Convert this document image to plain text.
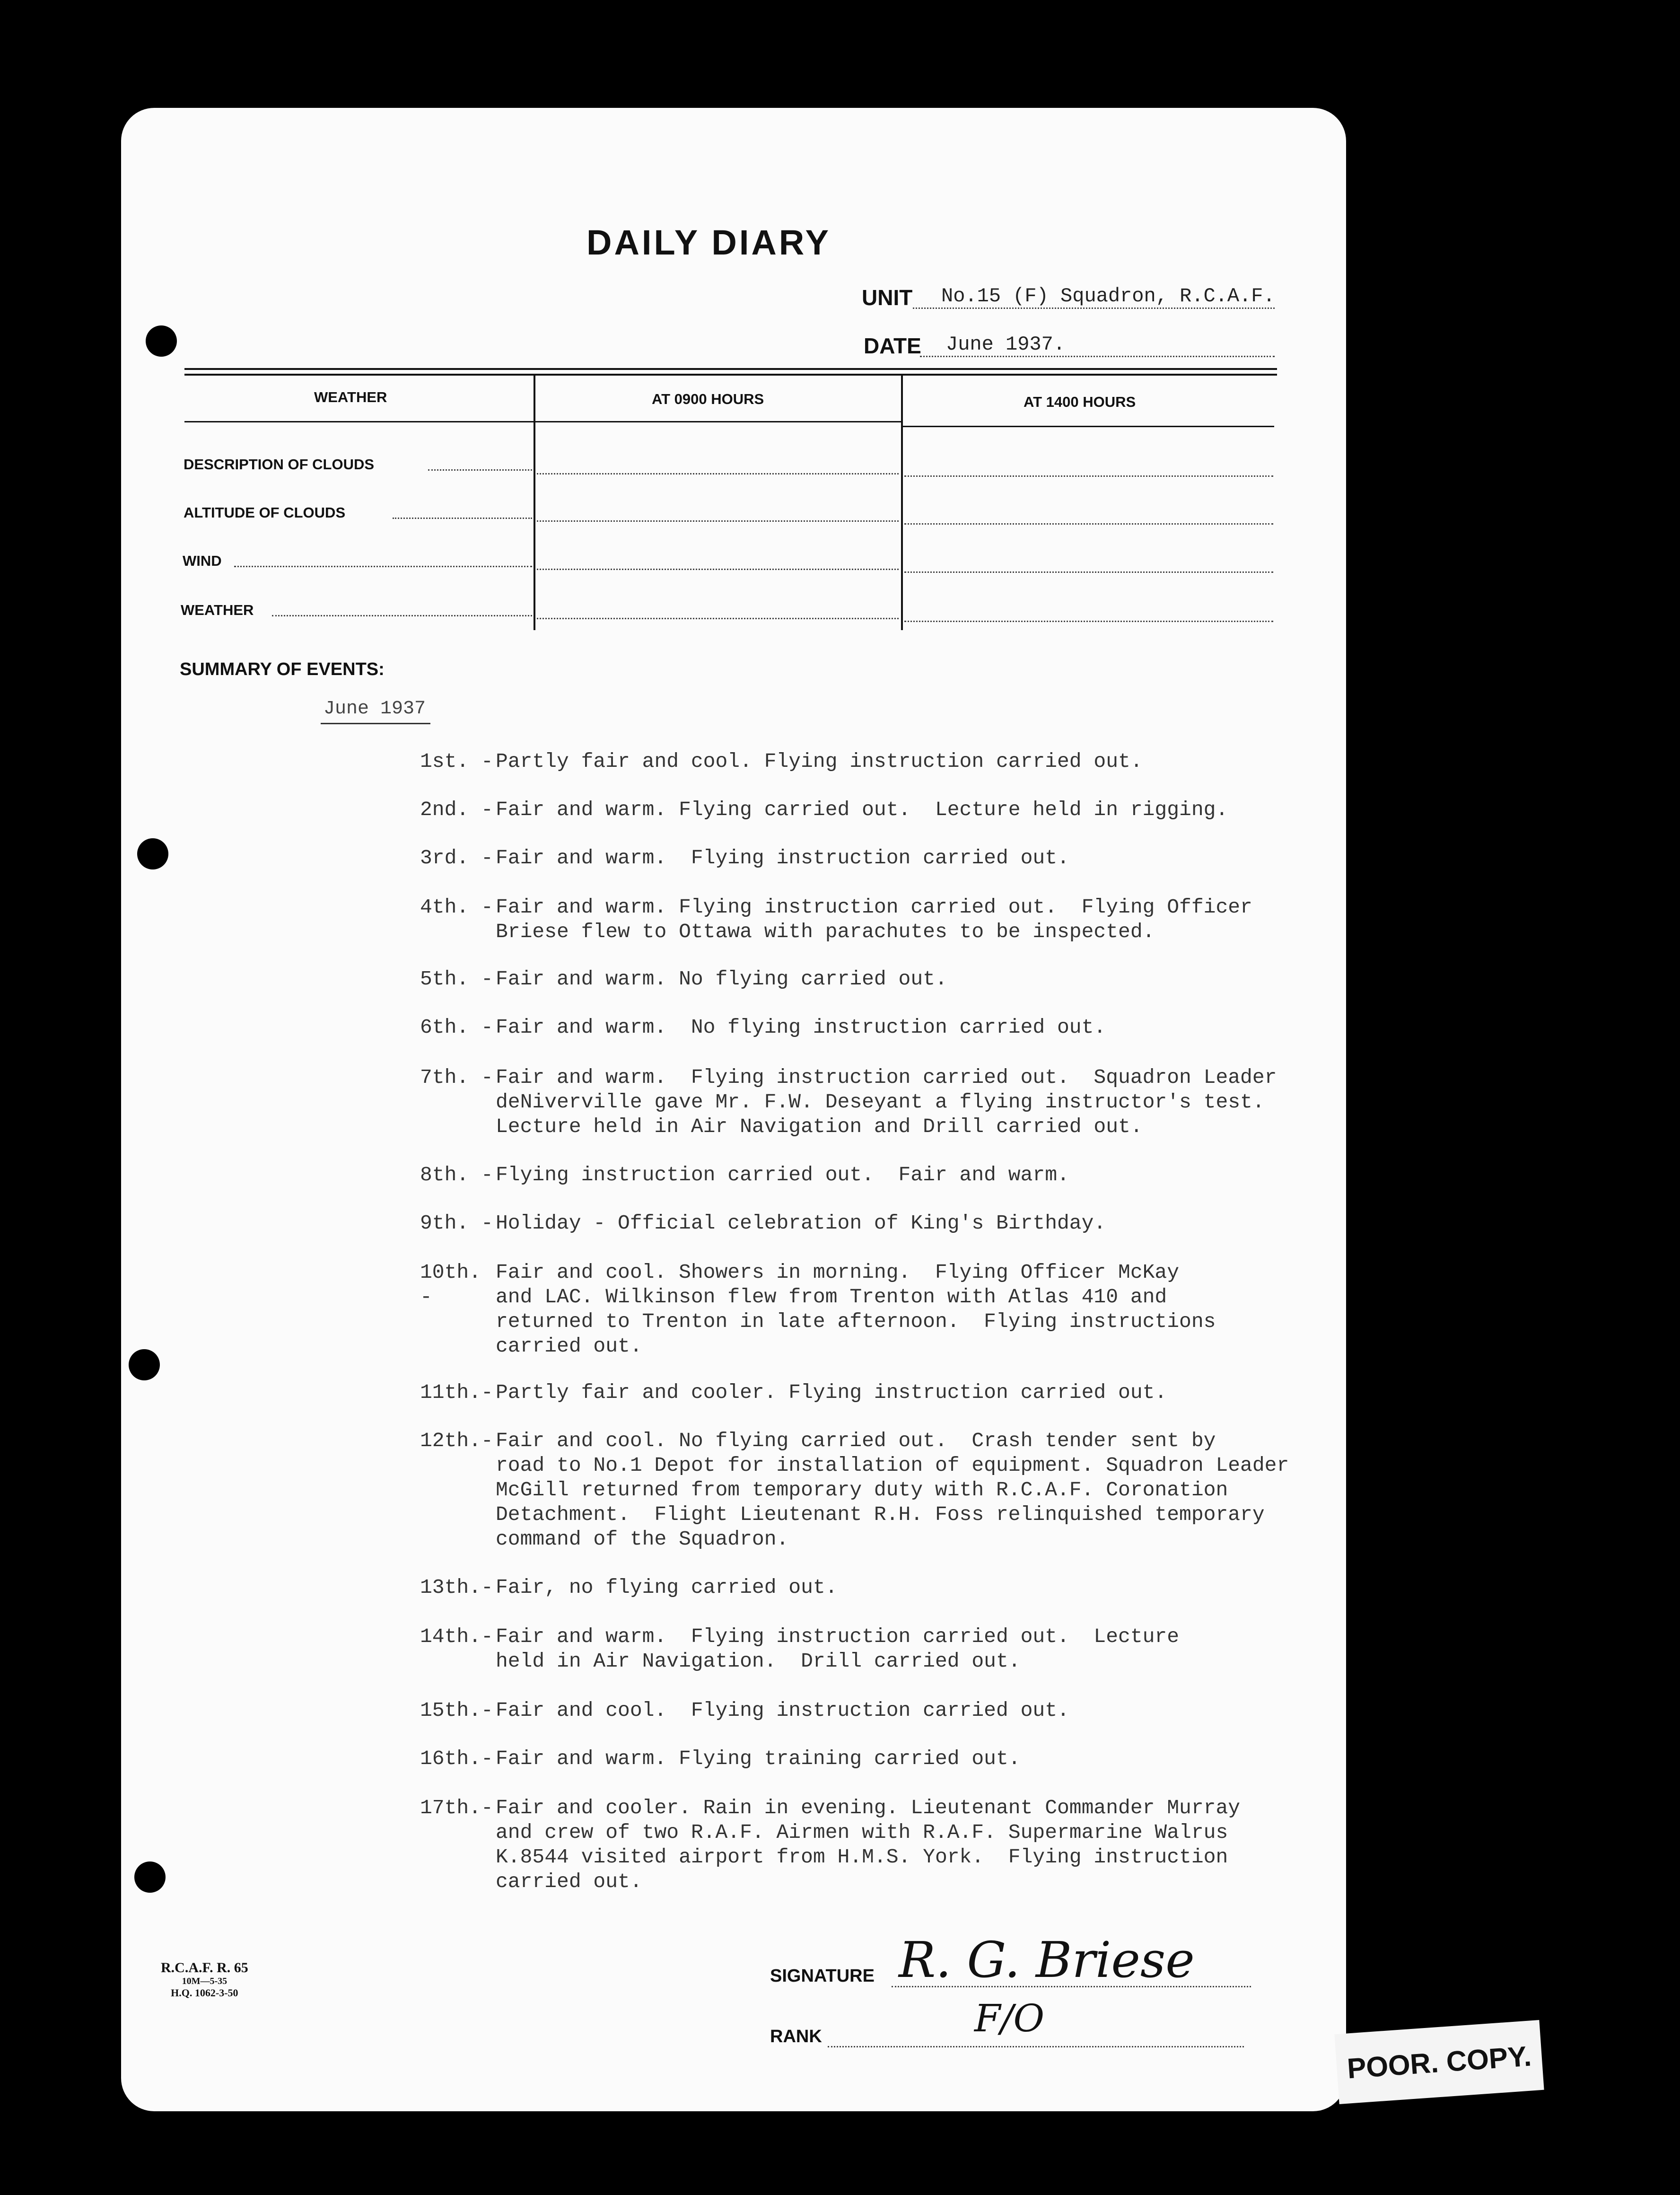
DAILY DIARY
UNIT No.15 (F) Squadron, R.C.A.F.
DATE June 1937.
WEATHER	AT 0900 HOURS	AT 1400 HOURS
DESCRIPTION OF CLOUDS
ALTITUDE OF CLOUDS
WIND
WEATHER
SUMMARY OF EVENTS:
June 1937
1st. - Partly fair and cool. Flying instruction carried out.
2nd. - Fair and warm. Flying carried out.  Lecture held in rigging.
3rd. - Fair and warm.  Flying instruction carried out.
4th. - Fair and warm. Flying instruction carried out.  Flying Officer
Briese flew to Ottawa with parachutes to be inspected.
5th. - Fair and warm. No flying carried out.
6th. - Fair and warm.  No flying instruction carried out.
7th. - Fair and warm.  Flying instruction carried out.  Squadron Leader
deNiverville gave Mr. F.W. Deseyant a flying instructor's test.
Lecture held in Air Navigation and Drill carried out.
8th. - Flying instruction carried out.  Fair and warm.
9th. - Holiday - Official celebration of King's Birthday.
10th. -Fair and cool. Showers in morning.  Flying Officer McKay
and LAC. Wilkinson flew from Trenton with Atlas 410 and
returned to Trenton in late afternoon.  Flying instructions
carried out.
11th.- Partly fair and cooler. Flying instruction carried out.
12th.- Fair and cool. No flying carried out.  Crash tender sent by
road to No.1 Depot for installation of equipment. Squadron Leader
McGill returned from temporary duty with R.C.A.F. Coronation
Detachment.  Flight Lieutenant R.H. Foss relinquished temporary
command of the Squadron.
13th.- Fair, no flying carried out.
14th.- Fair and warm.  Flying instruction carried out.  Lecture
held in Air Navigation.  Drill carried out.
15th.- Fair and cool.  Flying instruction carried out.
16th.- Fair and warm. Flying training carried out.
17th.- Fair and cooler. Rain in evening. Lieutenant Commander Murray
and crew of two R.A.F. Airmen with R.A.F. Supermarine Walrus
K.8544 visited airport from H.M.S. York.  Flying instruction
carried out.
R.C.A.F. R. 65
10M—5-35
H.Q. 1062-3-50
SIGNATURE R. G. Briese
RANK	F/O
POOR. COPY.
